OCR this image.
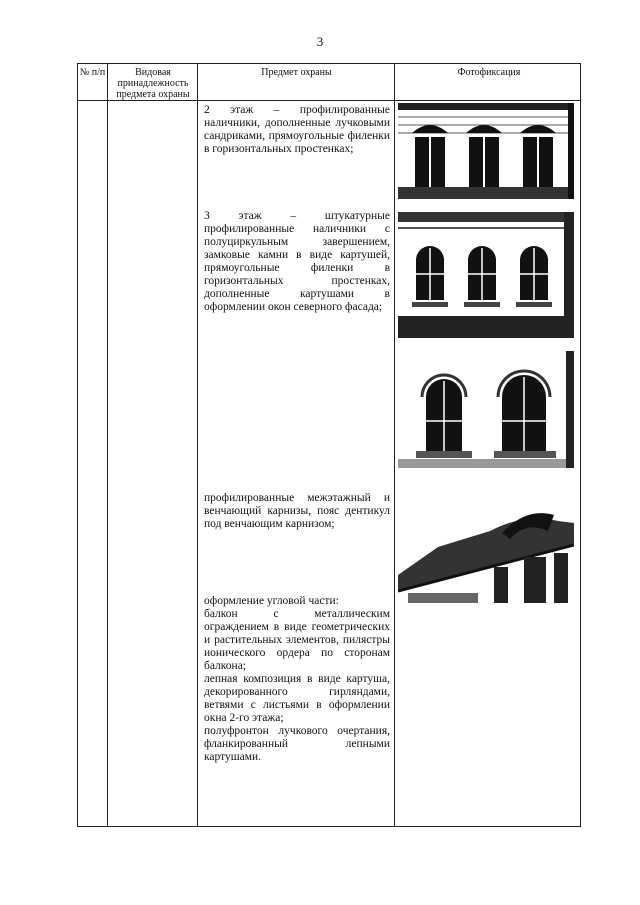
3
№ п/п	Видовая принадлежность предмета охраны
Предмет охраны	Фотофиксация
2 этаж – профилированные наличники, дополненные лучковыми сандриками, прямоугольные филенки в горизонтальных простенках;
3 этаж – штукатурные профилированные наличники с полуциркульным завершением, замковые камни в виде картушей, прямоугольные филенки в горизонтальных простенках, дополненные картушами в оформлении окон северного фасада;
профилированные межэтажный и венчающий карнизы, пояс дентикул под венчающим карнизом;
оформление угловой части:
балкон с металлическим ограждением в виде геометрических и растительных элементов, пилястры ионического ордера по сторонам балкона;
лепная композиция в виде картуша, декорированного гирляндами, ветвями с листьями в оформлении окна 2-го этажа;
полуфронтон лучкового очертания, фланкированный лепными картушами.
